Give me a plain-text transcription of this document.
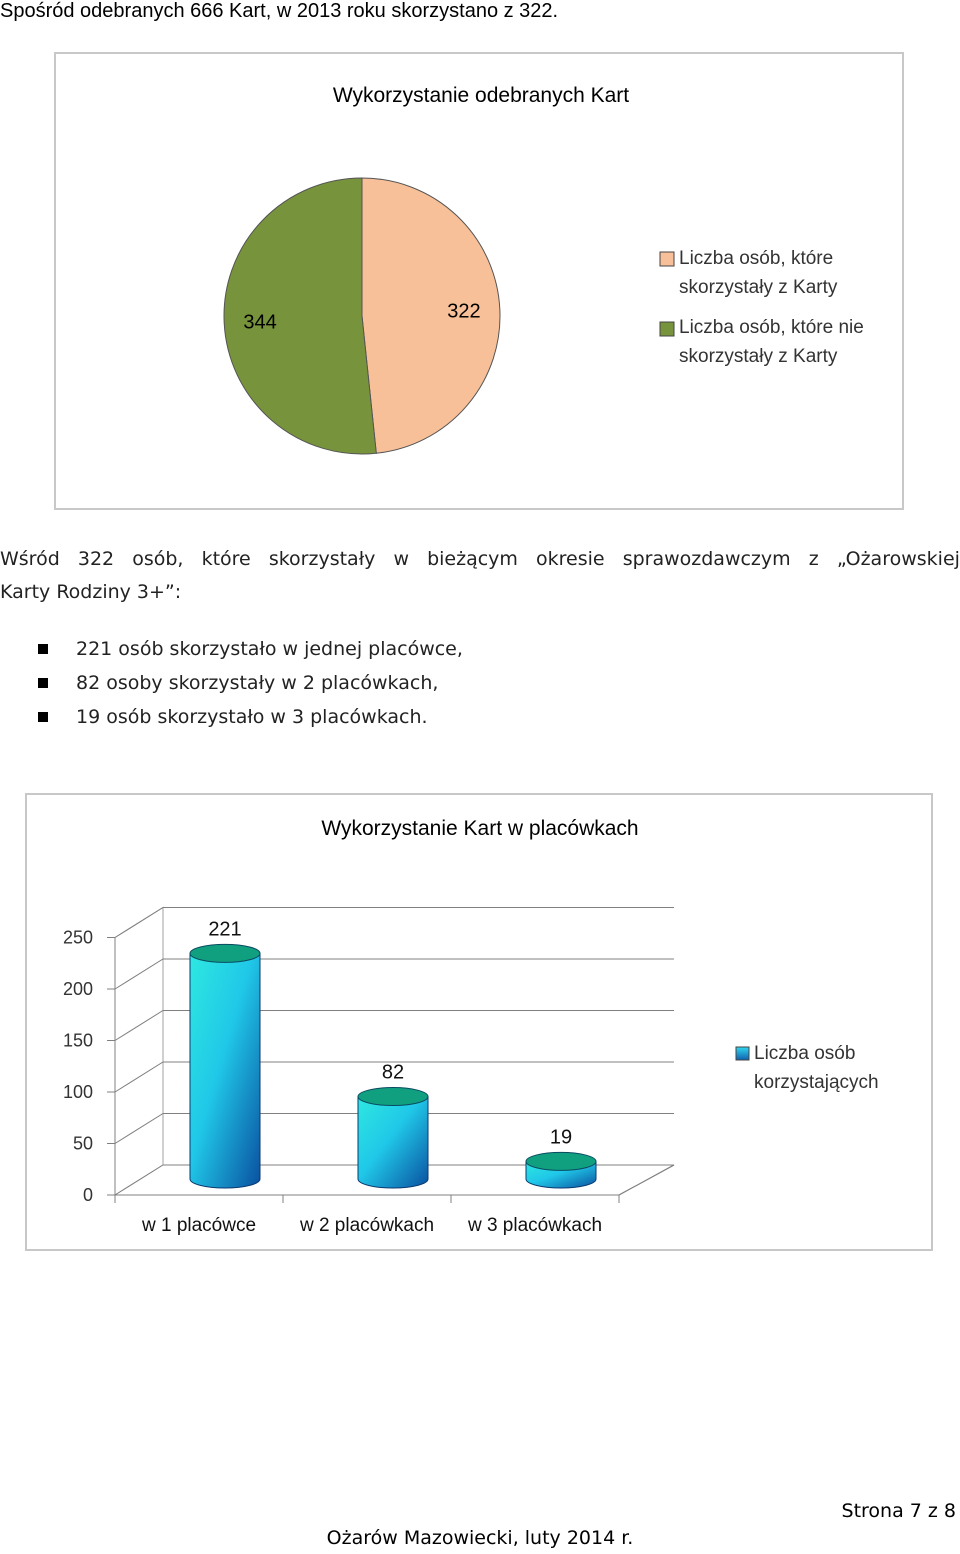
Spośród odebranych 666 Kart, w 2013 roku skorzystano z 322.
Wykorzystanie odebranych Kart
322
344
Liczba osób, które
skorzystały z Karty
Liczba osób, które nie
skorzystały z Karty
Wśród 322 osób, które skorzystały w bieżącym okresie sprawozdawczym z „Ożarowskiej
Karty Rodziny 3+”:
221 osób skorzystało w jednej placówce,
82 osoby skorzystały w 2 placówkach,
19 osób skorzystało w 3 placówkach.
Wykorzystanie Kart w placówkach
0
50
100
150
200
250
w 1 placówce w 2 placówkach w 3 placówkach
221
82
19
Liczba osób
korzystających
Strona 7 z 8
Ożarów Mazowiecki, luty 2014 r.
